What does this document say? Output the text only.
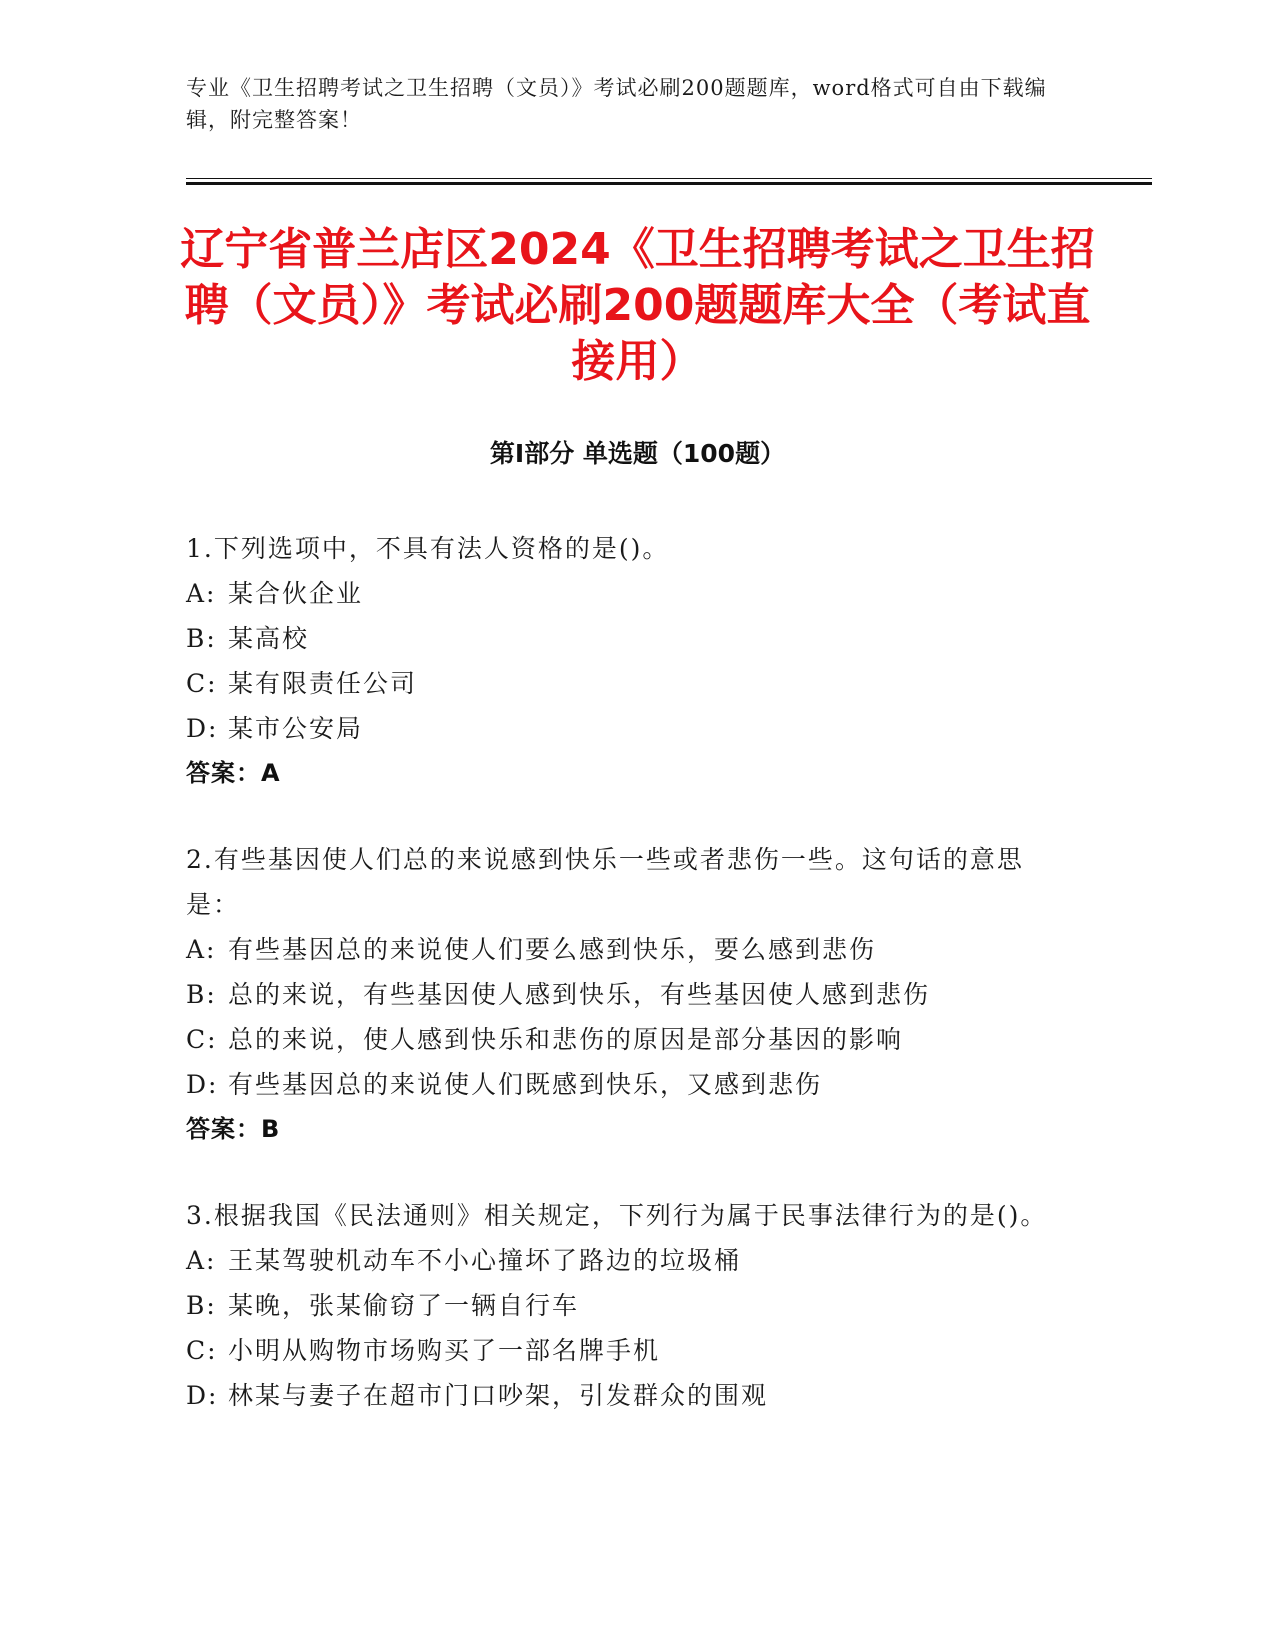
专业《卫生招聘考试之卫生招聘（文员）》考试必刷200题题库，word格式可自由下载编辑，附完整答案！
辽宁省普兰店区2024《卫生招聘考试之卫生招聘（文员）》考试必刷200题题库大全（考试直接用）
第I部分 单选题（100题）
1.下列选项中，不具有法人资格的是()。
A: 某合伙企业
B: 某高校
C: 某有限责任公司
D: 某市公安局
答案：A
2.有些基因使人们总的来说感到快乐一些或者悲伤一些。这句话的意思是：
A: 有些基因总的来说使人们要么感到快乐，要么感到悲伤
B: 总的来说，有些基因使人感到快乐，有些基因使人感到悲伤
C: 总的来说，使人感到快乐和悲伤的原因是部分基因的影响
D: 有些基因总的来说使人们既感到快乐，又感到悲伤
答案：B
3.根据我国《民法通则》相关规定，下列行为属于民事法律行为的是()。
A: 王某驾驶机动车不小心撞坏了路边的垃圾桶
B: 某晚，张某偷窃了一辆自行车
C: 小明从购物市场购买了一部名牌手机
D: 林某与妻子在超市门口吵架，引发群众的围观
